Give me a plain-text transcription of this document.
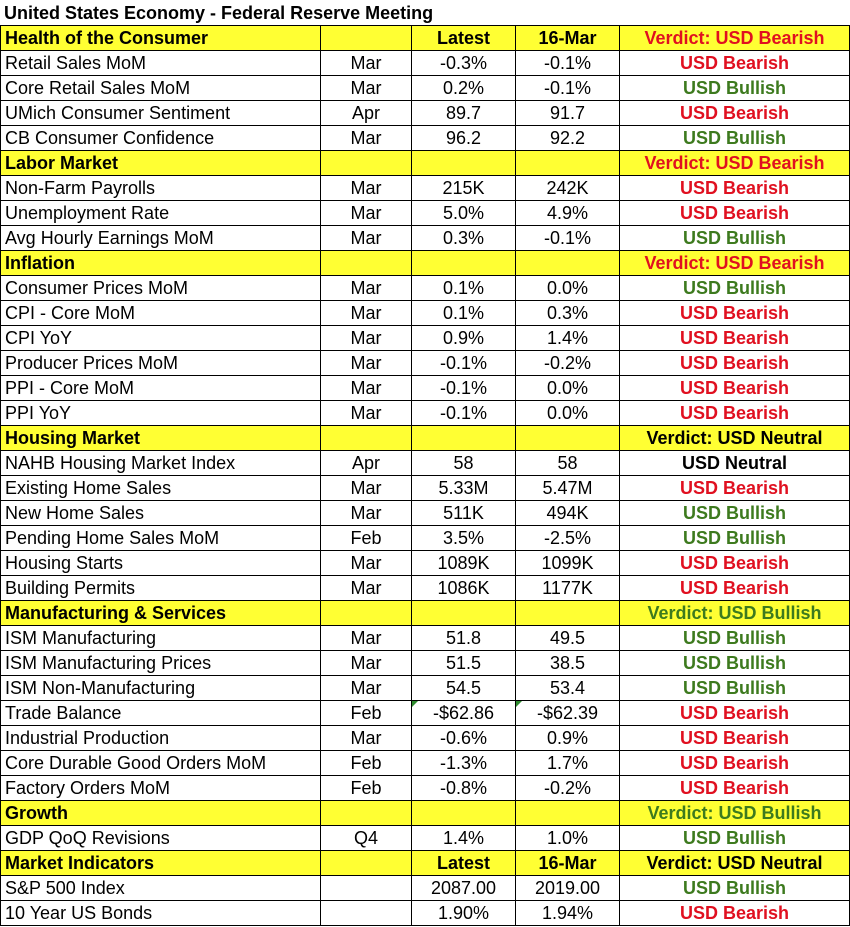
United States Economy - Federal Reserve Meeting
Health of the Consumer		Latest	16-Mar	Verdict: USD Bearish
Retail Sales MoM	Mar	-0.3%	-0.1%	USD Bearish
Core Retail Sales MoM	Mar	0.2%	-0.1%	USD Bullish
UMich Consumer Sentiment	Apr	89.7	91.7	USD Bearish
CB Consumer Confidence	Mar	96.2	92.2	USD Bullish
Labor Market				Verdict: USD Bearish
Non-Farm Payrolls	Mar	215K	242K	USD Bearish
Unemployment Rate	Mar	5.0%	4.9%	USD Bearish
Avg Hourly Earnings MoM	Mar	0.3%	-0.1%	USD Bullish
Inflation				Verdict: USD Bearish
Consumer Prices MoM	Mar	0.1%	0.0%	USD Bullish
CPI - Core MoM	Mar	0.1%	0.3%	USD Bearish
CPI YoY	Mar	0.9%	1.4%	USD Bearish
Producer Prices MoM	Mar	-0.1%	-0.2%	USD Bearish
PPI - Core MoM	Mar	-0.1%	0.0%	USD Bearish
PPI YoY	Mar	-0.1%	0.0%	USD Bearish
Housing Market				Verdict: USD Neutral
NAHB Housing Market Index	Apr	58	58	USD Neutral
Existing Home Sales	Mar	5.33M	5.47M	USD Bearish
New Home Sales	Mar	511K	494K	USD Bullish
Pending Home Sales MoM	Feb	3.5%	-2.5%	USD Bullish
Housing Starts	Mar	1089K	1099K	USD Bearish
Building Permits	Mar	1086K	1177K	USD Bearish
Manufacturing & Services				Verdict: USD Bullish
ISM Manufacturing	Mar	51.8	49.5	USD Bullish
ISM Manufacturing Prices	Mar	51.5	38.5	USD Bullish
ISM Non-Manufacturing	Mar	54.5	53.4	USD Bullish
Trade Balance	Feb	-$62.86	-$62.39	USD Bearish
Industrial Production	Mar	-0.6%	0.9%	USD Bearish
Core Durable Good Orders MoM	Feb	-1.3%	1.7%	USD Bearish
Factory Orders MoM	Feb	-0.8%	-0.2%	USD Bearish
Growth				Verdict: USD Bullish
GDP QoQ Revisions	Q4	1.4%	1.0%	USD Bullish
Market Indicators		Latest	16-Mar	Verdict: USD Neutral
S&P 500 Index		2087.00	2019.00	USD Bullish
10 Year US Bonds		1.90%	1.94%	USD Bearish
